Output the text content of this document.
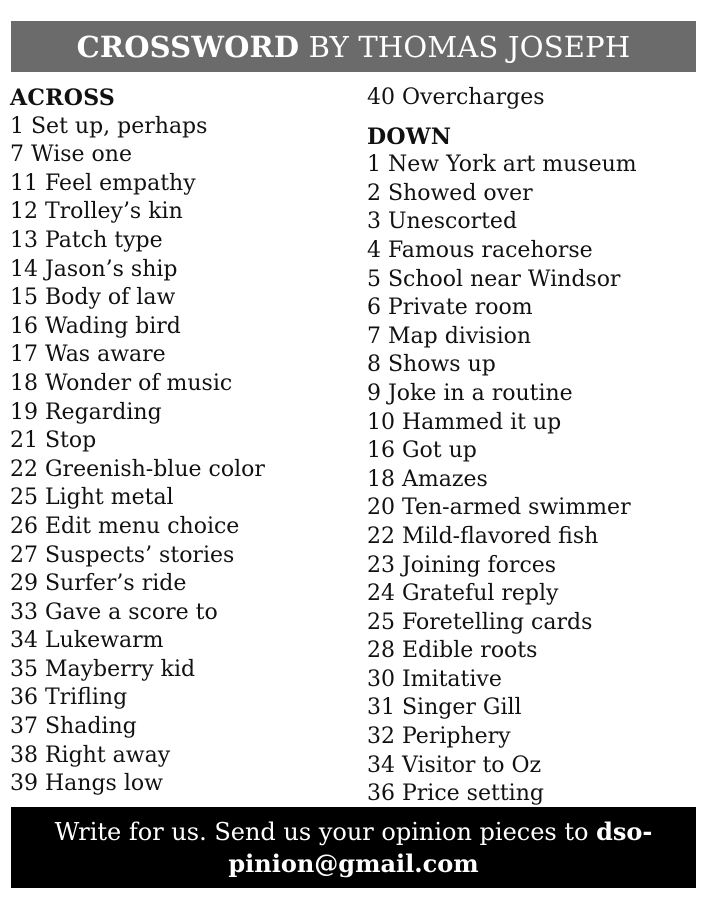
CROSSWORD BY THOMAS JOSEPH
ACROSS
1 Set up, perhaps
7 Wise one
11 Feel empathy
12 Trolley’s kin
13 Patch type
14 Jason’s ship
15 Body of law
16 Wading bird
17 Was aware
18 Wonder of music
19 Regarding
21 Stop
22 Greenish-blue color
25 Light metal
26 Edit menu choice
27 Suspects’ stories
29 Surfer’s ride
33 Gave a score to
34 Lukewarm
35 Mayberry kid
36 Trifling
37 Shading
38 Right away
39 Hangs low
40 Overcharges
DOWN
1 New York art museum
2 Showed over
3 Unescorted
4 Famous racehorse
5 School near Windsor
6 Private room
7 Map division
8 Shows up
9 Joke in a routine
10 Hammed it up
16 Got up
18 Amazes
20 Ten-armed swimmer
22 Mild-flavored fish
23 Joining forces
24 Grateful reply
25 Foretelling cards
28 Edible roots
30 Imitative
31 Singer Gill
32 Periphery
34 Visitor to Oz
36 Price setting
Write for us. Send us your opinion pieces to dso-
pinion@gmail.com
